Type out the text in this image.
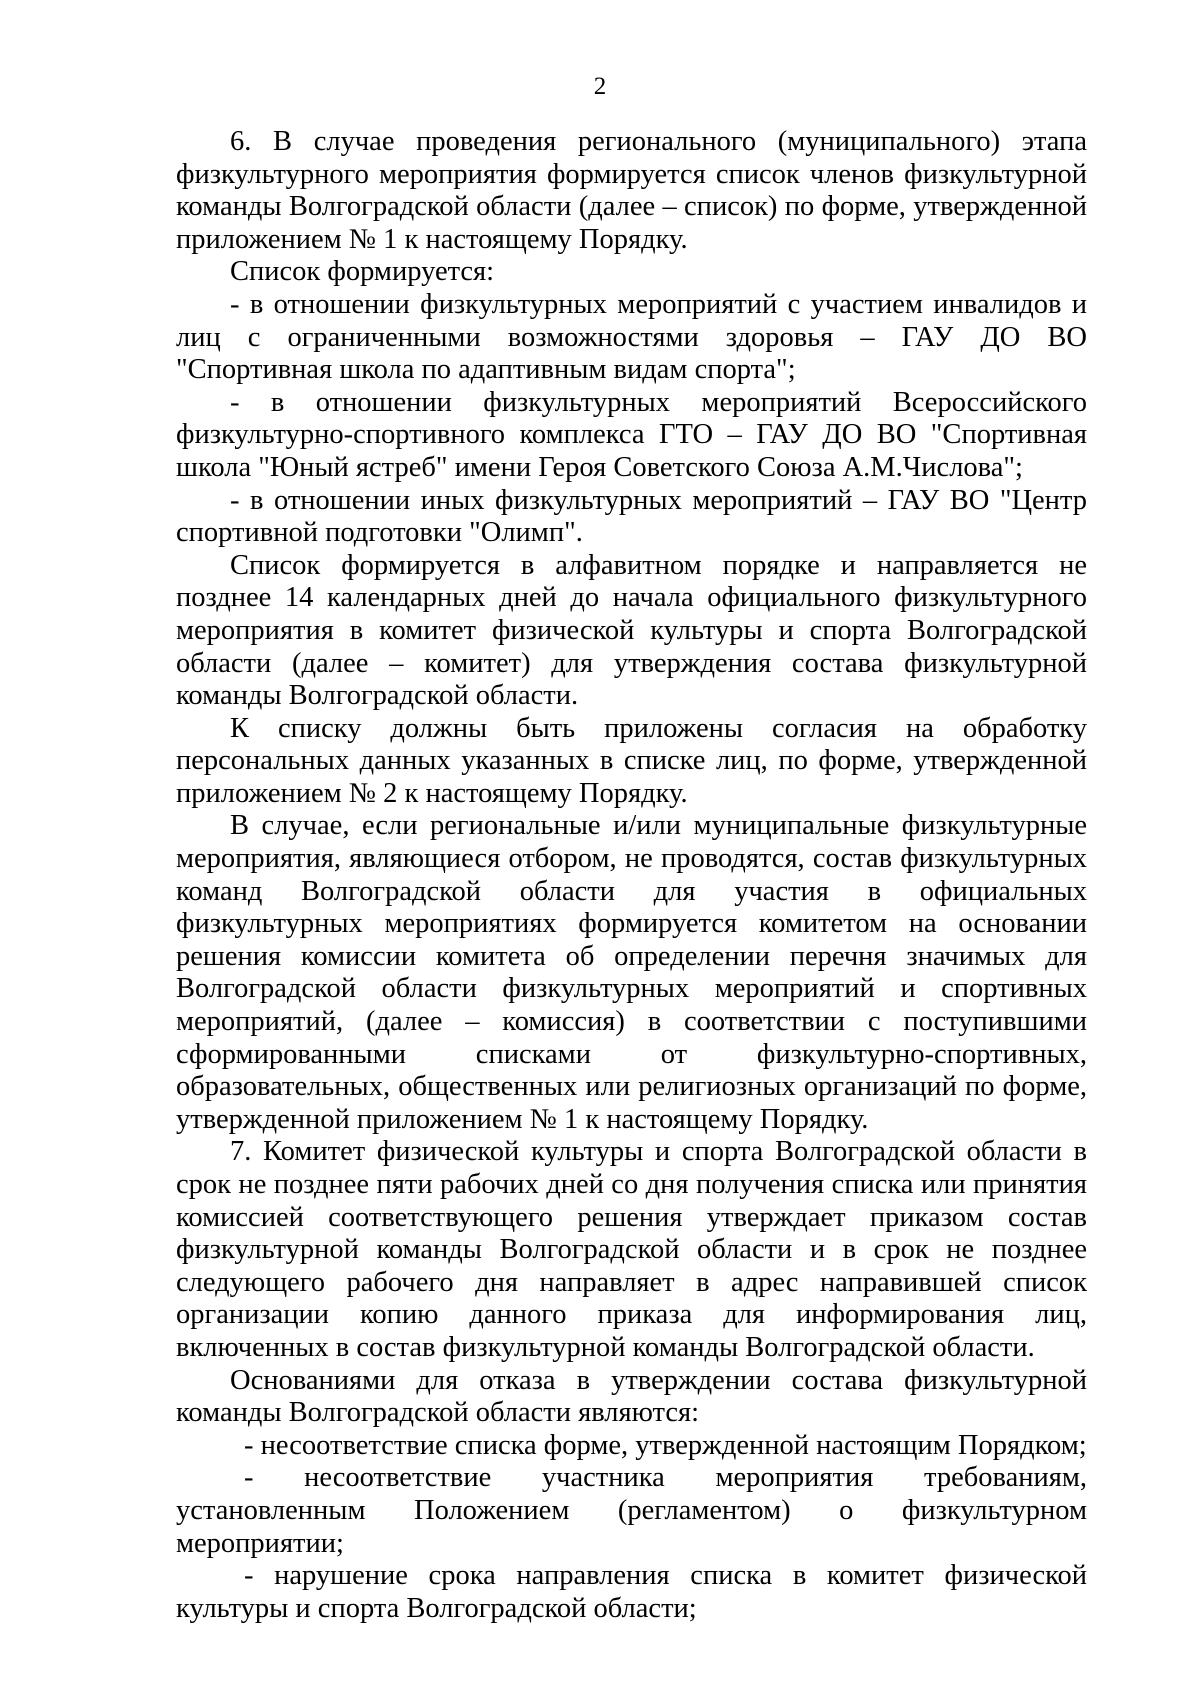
2

6. В случае проведения регионального (муниципального) этапа физкультурного мероприятия формируется список членов физкультурной команды Волгоградской области (далее – список) по форме, утвержденной приложением № 1 к настоящему Порядку.

Список формируется:

- в отношении физкультурных мероприятий с участием инвалидов и лиц с ограниченными возможностями здоровья – ГАУ ДО ВО "Спортивная школа по адаптивным видам спорта";

- в отношении физкультурных мероприятий Всероссийского физкультурно-спортивного комплекса ГТО – ГАУ ДО ВО "Спортивная школа "Юный ястреб" имени Героя Советского Союза А.М.Числова";

- в отношении иных физкультурных мероприятий – ГАУ ВО "Центр спортивной подготовки "Олимп".

Список формируется в алфавитном порядке и направляется не позднее 14 календарных дней до начала официального физкультурного мероприятия в комитет физической культуры и спорта Волгоградской области (далее – комитет) для утверждения состава физкультурной команды Волгоградской области.

К списку должны быть приложены согласия на обработку персональных данных указанных в списке лиц, по форме, утвержденной приложением № 2 к настоящему Порядку.

В случае, если региональные и/или муниципальные физкультурные мероприятия, являющиеся отбором, не проводятся, состав физкультурных команд Волгоградской области для участия в официальных физкультурных мероприятиях формируется комитетом на основании решения комиссии комитета об определении перечня значимых для Волгоградской области физкультурных мероприятий и спортивных мероприятий, (далее – комиссия) в соответствии с поступившими сформированными списками от физкультурно-спортивных, образовательных, общественных или религиозных организаций по форме, утвержденной приложением № 1 к настоящему Порядку.

7. Комитет физической культуры и спорта Волгоградской области в срок не позднее пяти рабочих дней со дня получения списка или принятия комиссией соответствующего решения утверждает приказом состав физкультурной команды Волгоградской области и в срок не позднее следующего рабочего дня направляет в адрес направившей список организации копию данного приказа для информирования лиц, включенных в состав физкультурной команды Волгоградской области.

Основаниями для отказа в утверждении состава физкультурной команды Волгоградской области являются:

- несоответствие списка форме, утвержденной настоящим Порядком;

- несоответствие участника мероприятия требованиям, установленным Положением (регламентом) о физкультурном мероприятии;

- нарушение срока направления списка в комитет физической культуры и спорта Волгоградской области;
